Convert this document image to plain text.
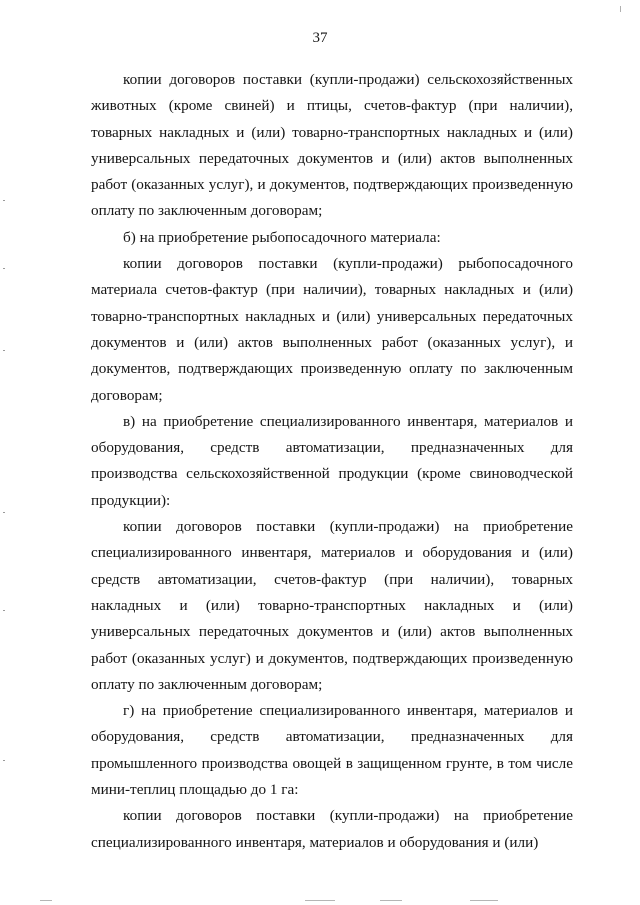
37

копии договоров поставки (купли-продажи) сельскохозяйственных животных (кроме свиней) и птицы, счетов-фактур (при наличии), товарных накладных и (или) товарно-транспортных накладных и (или) универсальных передаточных документов и (или) актов выполненных работ (оказанных услуг), и документов, подтверждающих произведенную оплату по заключенным договорам;

б) на приобретение рыбопосадочного материала:

копии договоров поставки (купли-продажи) рыбопосадочного материала счетов-фактур (при наличии), товарных накладных и (или) товарно-транспортных накладных и (или) универсальных передаточных документов и (или) актов выполненных работ (оказанных услуг), и документов, подтверждающих произведенную оплату по заключенным договорам;

в) на приобретение специализированного инвентаря, материалов и оборудования, средств автоматизации, предназначенных для производства сельскохозяйственной продукции (кроме свиноводческой продукции):

копии договоров поставки (купли-продажи) на приобретение специализированного инвентаря, материалов и оборудования и (или) средств автоматизации, счетов-фактур (при наличии), товарных накладных и (или) товарно-транспортных накладных и (или) универсальных передаточных документов и (или) актов выполненных работ (оказанных услуг) и документов, подтверждающих произведенную оплату по заключенным договорам;

г) на приобретение специализированного инвентаря, материалов и оборудования, средств автоматизации, предназначенных для промышленного производства овощей в защищенном грунте, в том числе мини-теплиц площадью до 1 га:

копии договоров поставки (купли-продажи) на приобретение специализированного инвентаря, материалов и оборудования и (или)
